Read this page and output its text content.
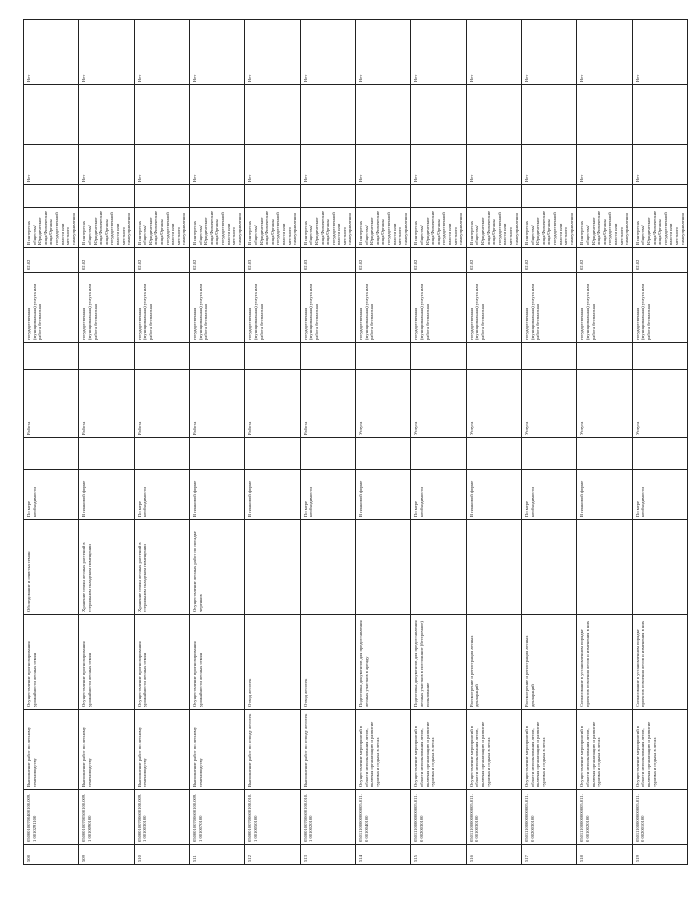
508	05000100700400100.009.1 0010291100	Выполнение работ по лесному семеноводству	Осуществление прогнозирования урожайности лесных семян	Обследование и очистка семян	По мере необходимости		Работа		государственная (муниципальная) услуга или работа бесплатная	02.02	В интересах общества/Юридические лица/Физические лица/Органы государственной власти или местного самоуправления		Нет		Нет
509	05000100700500100.009.1 0010090100	Выполнение работ по лесному семеноводству	Осуществление прогнозирования урожайности лесных семян	Хранение семян лесных растений в стерильном складском помещении	В плановой форме		Работа		государственная (муниципальная) услуга или работа бесплатная	02.02	В интересах общества/Юридические лица/Физические лица/Органы государственной власти или местного самоуправления		Нет		Нет
510	05000100700600100.009.1 0010030100	Выполнение работ по лесному семеноводству	Осуществление прогнозирования урожайности лесных семян	Хранение семян лесных растений в стерильном складском помещении	По мере необходимости		Работа		государственная (муниципальная) услуга или работа бесплатная	02.02	В интересах общества/Юридические лица/Физические лица/Органы государственной власти или местного самоуправления		Нет		Нет
511	05000100700600100.009.1 0010070100	Выполнение работ по лесному семеноводству	Осуществление прогнозирования урожайности лесных семян	Осуществление лесных работ по посадке черенков	В плановой форме		Работа		государственная (муниципальная) услуга или работа бесплатная	02.02	В интересах общества/Юридические лица/Физические лица/Органы государственной власти или местного самоуправления		Нет		Нет
512	05000100700600100.010.1 0010050100	Выполнение работ по отводу лесосек	Отвод лесосек		В плановой форме		Работа		государственная (муниципальная) услуга или работа бесплатная	02.03	В интересах общества/Юридические лица/Физические лица/Органы государственной власти или местного самоуправления		Нет		Нет
513	05000100700600100.010.1 0010020100	Выполнение работ по отводу лесосек	Отвод лесосек		По мере необходимости		Работа		государственная (муниципальная) услуга или работа бесплатная	02.03	В интересах общества/Юридические лица/Физические лица/Органы государственной власти или местного самоуправления		Нет		Нет
514	05011100000000005.011.0 0010040100	Осуществление мероприятий в области использования лесов, включая организацию и развитие туризма и отдыха в лесах	Подготовка документов для предоставления лесных участков в аренду		В плановой форме		Услуга		государственная (муниципальная) услуга или работа бесплатная	02.02	В интересах общества/Юридические лица/Физические лица/Органы государственной власти или местного самоуправления		Нет		Нет
515	05011100000000005.011.0 0020030100	Осуществление мероприятий в области использования лесов, включая организацию и развитие туризма и отдыха в лесах	Подготовка документов для предоставления лесных участков в постоянное (бессрочное) пользование		По мере необходимости		Услуга		государственная (муниципальная) услуга или работа бесплатная	02.02	В интересах общества/Юридические лица/Физические лица/Органы государственной власти или местного самоуправления		Нет		Нет
516	05011100000000005.011.0 0010030100	Осуществление мероприятий в области использования лесов, включая организацию и развитие туризма и отдыха в лесах	Рассмотрение и регистрация лесных деклараций		В плановой форме		Услуга		государственная (муниципальная) услуга или работа бесплатная	02.02	В интересах общества/Юридические лица/Физические лица/Органы государственной власти или местного самоуправления		Нет		Нет
517	05011100000000005.011.0 0020030100	Осуществление мероприятий в области использования лесов, включая организацию и развитие туризма и отдыха в лесах	Рассмотрение и регистрация лесных деклараций		По мере необходимости		Услуга		государственная (муниципальная) услуга или работа бесплатная	02.02	В интересах общества/Юридические лица/Физические лица/Органы государственной власти или местного самоуправления		Нет		Нет
518	05011100000000005.011.0 0010020100	Осуществление мероприятий в области использования лесов, включая организацию и развитие туризма и отдыха в лесах	Согласование в установленном порядке проектов освоения лесов и изменения в них		В плановой форме		Услуга		государственная (муниципальная) услуга или работа бесплатная	02.02	В интересах общества/Юридические лица/Физические лица/Органы государственной власти или местного самоуправления		Нет		Нет
519	05011100000000005.011.0 0020010100	Осуществление мероприятий в области использования лесов, включая организацию и развитие туризма и отдыха в лесах	Согласование в установленном порядке проектов освоения лесов и изменения в них		По мере необходимости		Услуга		государственная (муниципальная) услуга или работа бесплатная	02.02	В интересах общества/Юридические лица/Физические лица/Органы государственной власти или местного самоуправления		Нет		Нет
